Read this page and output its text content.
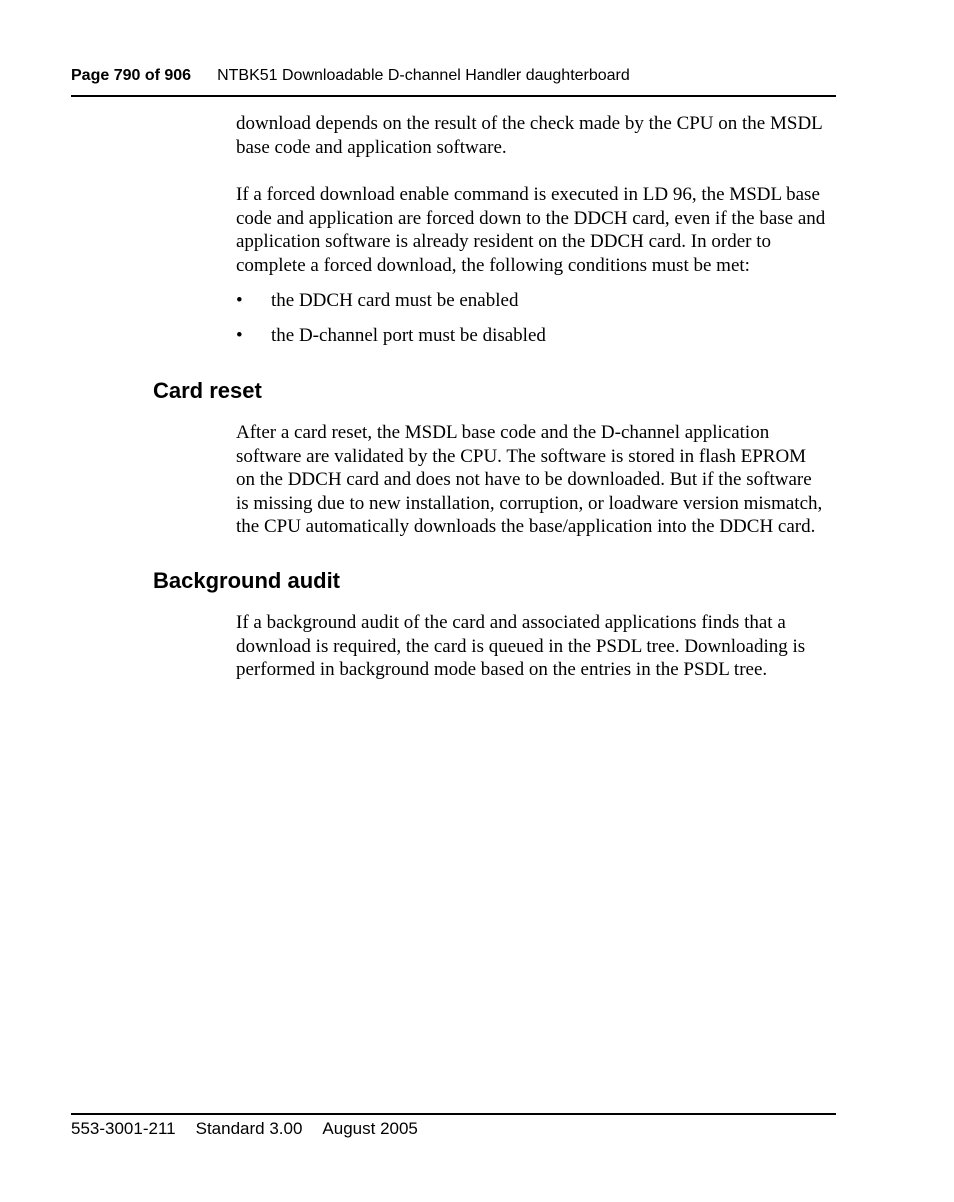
Page 790 of 906 NTBK51 Downloadable D-channel Handler daughterboard

download depends on the result of the check made by the CPU on the MSDL

base code and application software.

If a forced download enable command is executed in LD 96, the MSDL base

code and application are forced down to the DDCH card, even if the base and

application software is already resident on the DDCH card. In order to

complete a forced download, the following conditions must be met:

• the DDCH card must be enabled
• the D-channel port must be disabled
Card reset

After a card reset, the MSDL base code and the D-channel application

software are validated by the CPU. The software is stored in flash EPROM

on the DDCH card and does not have to be downloaded. But if the software

is missing due to new installation, corruption, or loadware version mismatch,

the CPU automatically downloads the base/application into the DDCH card.

Background audit

If a background audit of the card and associated applications finds that a

download is required, the card is queued in the PSDL tree. Downloading is

performed in background mode based on the entries in the PSDL tree.

553-3001-211 Standard 3.00 August 2005
